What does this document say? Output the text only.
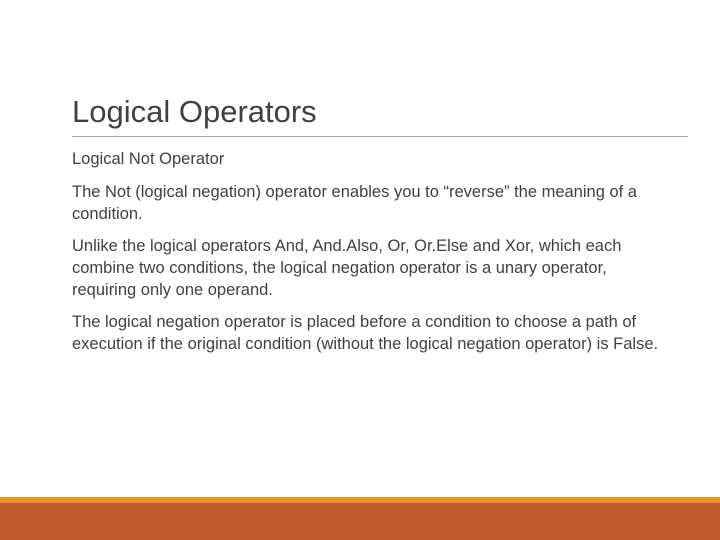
Logical Operators

Logical Not Operator

The Not (logical negation) operator enables you to “reverse” the meaning of a condition.

Unlike the logical operators And, And.Also, Or, Or.Else and Xor, which each combine two conditions, the logical negation operator is a unary operator, requiring only one operand.

The logical negation operator is placed before a condition to choose a path of execution if the original condition (without the logical negation operator) is False.
